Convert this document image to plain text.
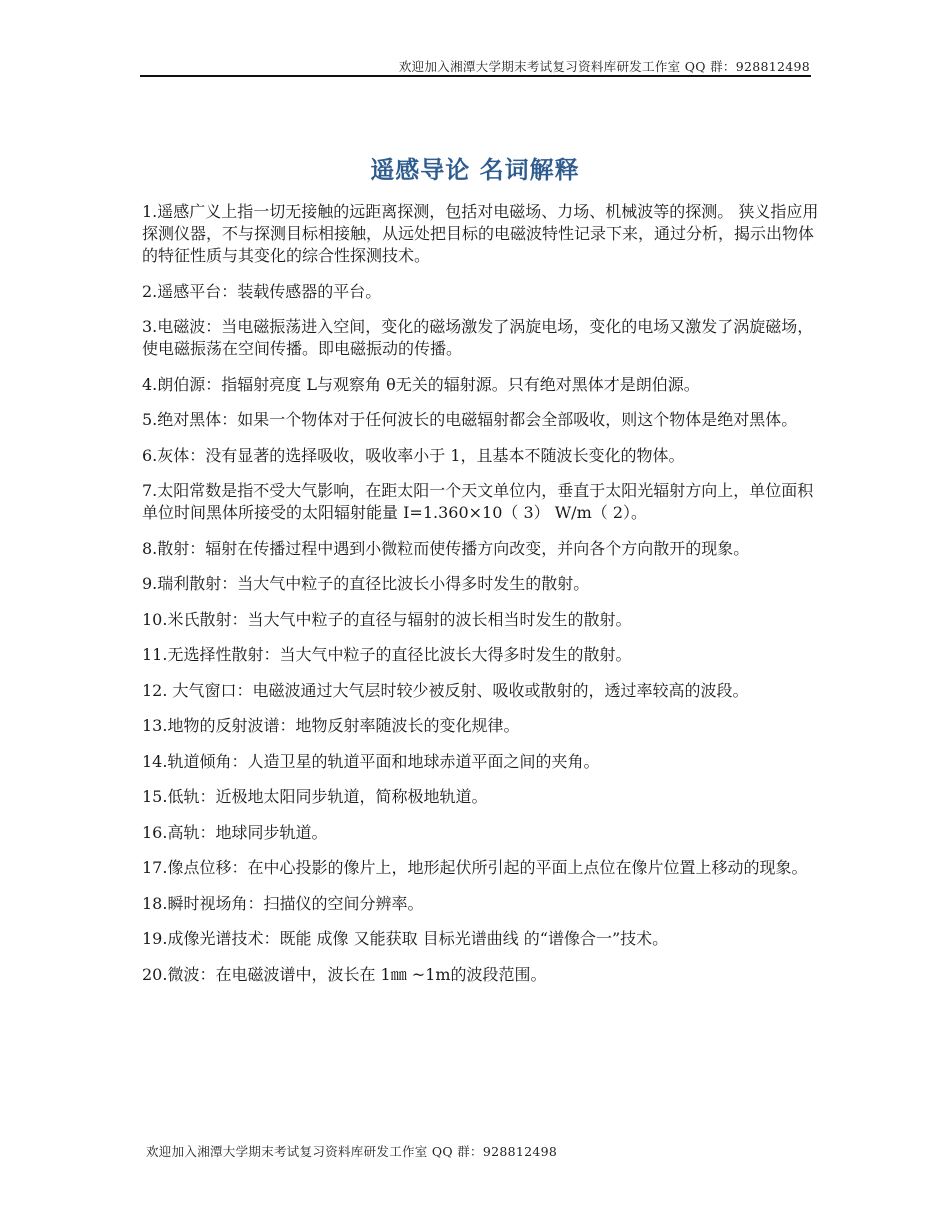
欢迎加入湘潭大学期末考试复习资料库研发工作室 QQ 群：928812498
遥感导论 名词解释
1.遥感广义上指一切无接触的远距离探测，包括对电磁场、力场、机械波等的探测。 狭义指应用探测仪器，不与探测目标相接触，从远处把目标的电磁波特性记录下来，通过分析，揭示出物体的特征性质与其变化的综合性探测技术。
2.遥感平台：装载传感器的平台。
3.电磁波：当电磁振荡进入空间，变化的磁场激发了涡旋电场，变化的电场又激发了涡旋磁场，使电磁振荡在空间传播。即电磁振动的传播。
4.朗伯源：指辐射亮度 L与观察角 θ无关的辐射源。只有绝对黑体才是朗伯源。
5.绝对黑体：如果一个物体对于任何波长的电磁辐射都会全部吸收，则这个物体是绝对黑体。
6.灰体：没有显著的选择吸收，吸收率小于 1，且基本不随波长变化的物体。
7.太阳常数是指不受大气影响，在距太阳一个天文单位内，垂直于太阳光辐射方向上，单位面积单位时间黑体所接受的太阳辐射能量 I=1.360×10（ 3） W/m（ 2）。
8.散射：辐射在传播过程中遇到小微粒而使传播方向改变，并向各个方向散开的现象。
9.瑞利散射：当大气中粒子的直径比波长小得多时发生的散射。
10.米氏散射：当大气中粒子的直径与辐射的波长相当时发生的散射。
11.无选择性散射：当大气中粒子的直径比波长大得多时发生的散射。
12. 大气窗口：电磁波通过大气层时较少被反射、吸收或散射的，透过率较高的波段。
13.地物的反射波谱：地物反射率随波长的变化规律。
14.轨道倾角：人造卫星的轨道平面和地球赤道平面之间的夹角。
15.低轨：近极地太阳同步轨道，简称极地轨道。
16.高轨：地球同步轨道。
17.像点位移：在中心投影的像片上，地形起伏所引起的平面上点位在像片位置上移动的现象。
18.瞬时视场角：扫描仪的空间分辨率。
19.成像光谱技术：既能 成像 又能获取 目标光谱曲线 的“谱像合一”技术。
20.微波：在电磁波谱中，波长在 1㎜ ~1m的波段范围。
欢迎加入湘潭大学期末考试复习资料库研发工作室 QQ 群：928812498
